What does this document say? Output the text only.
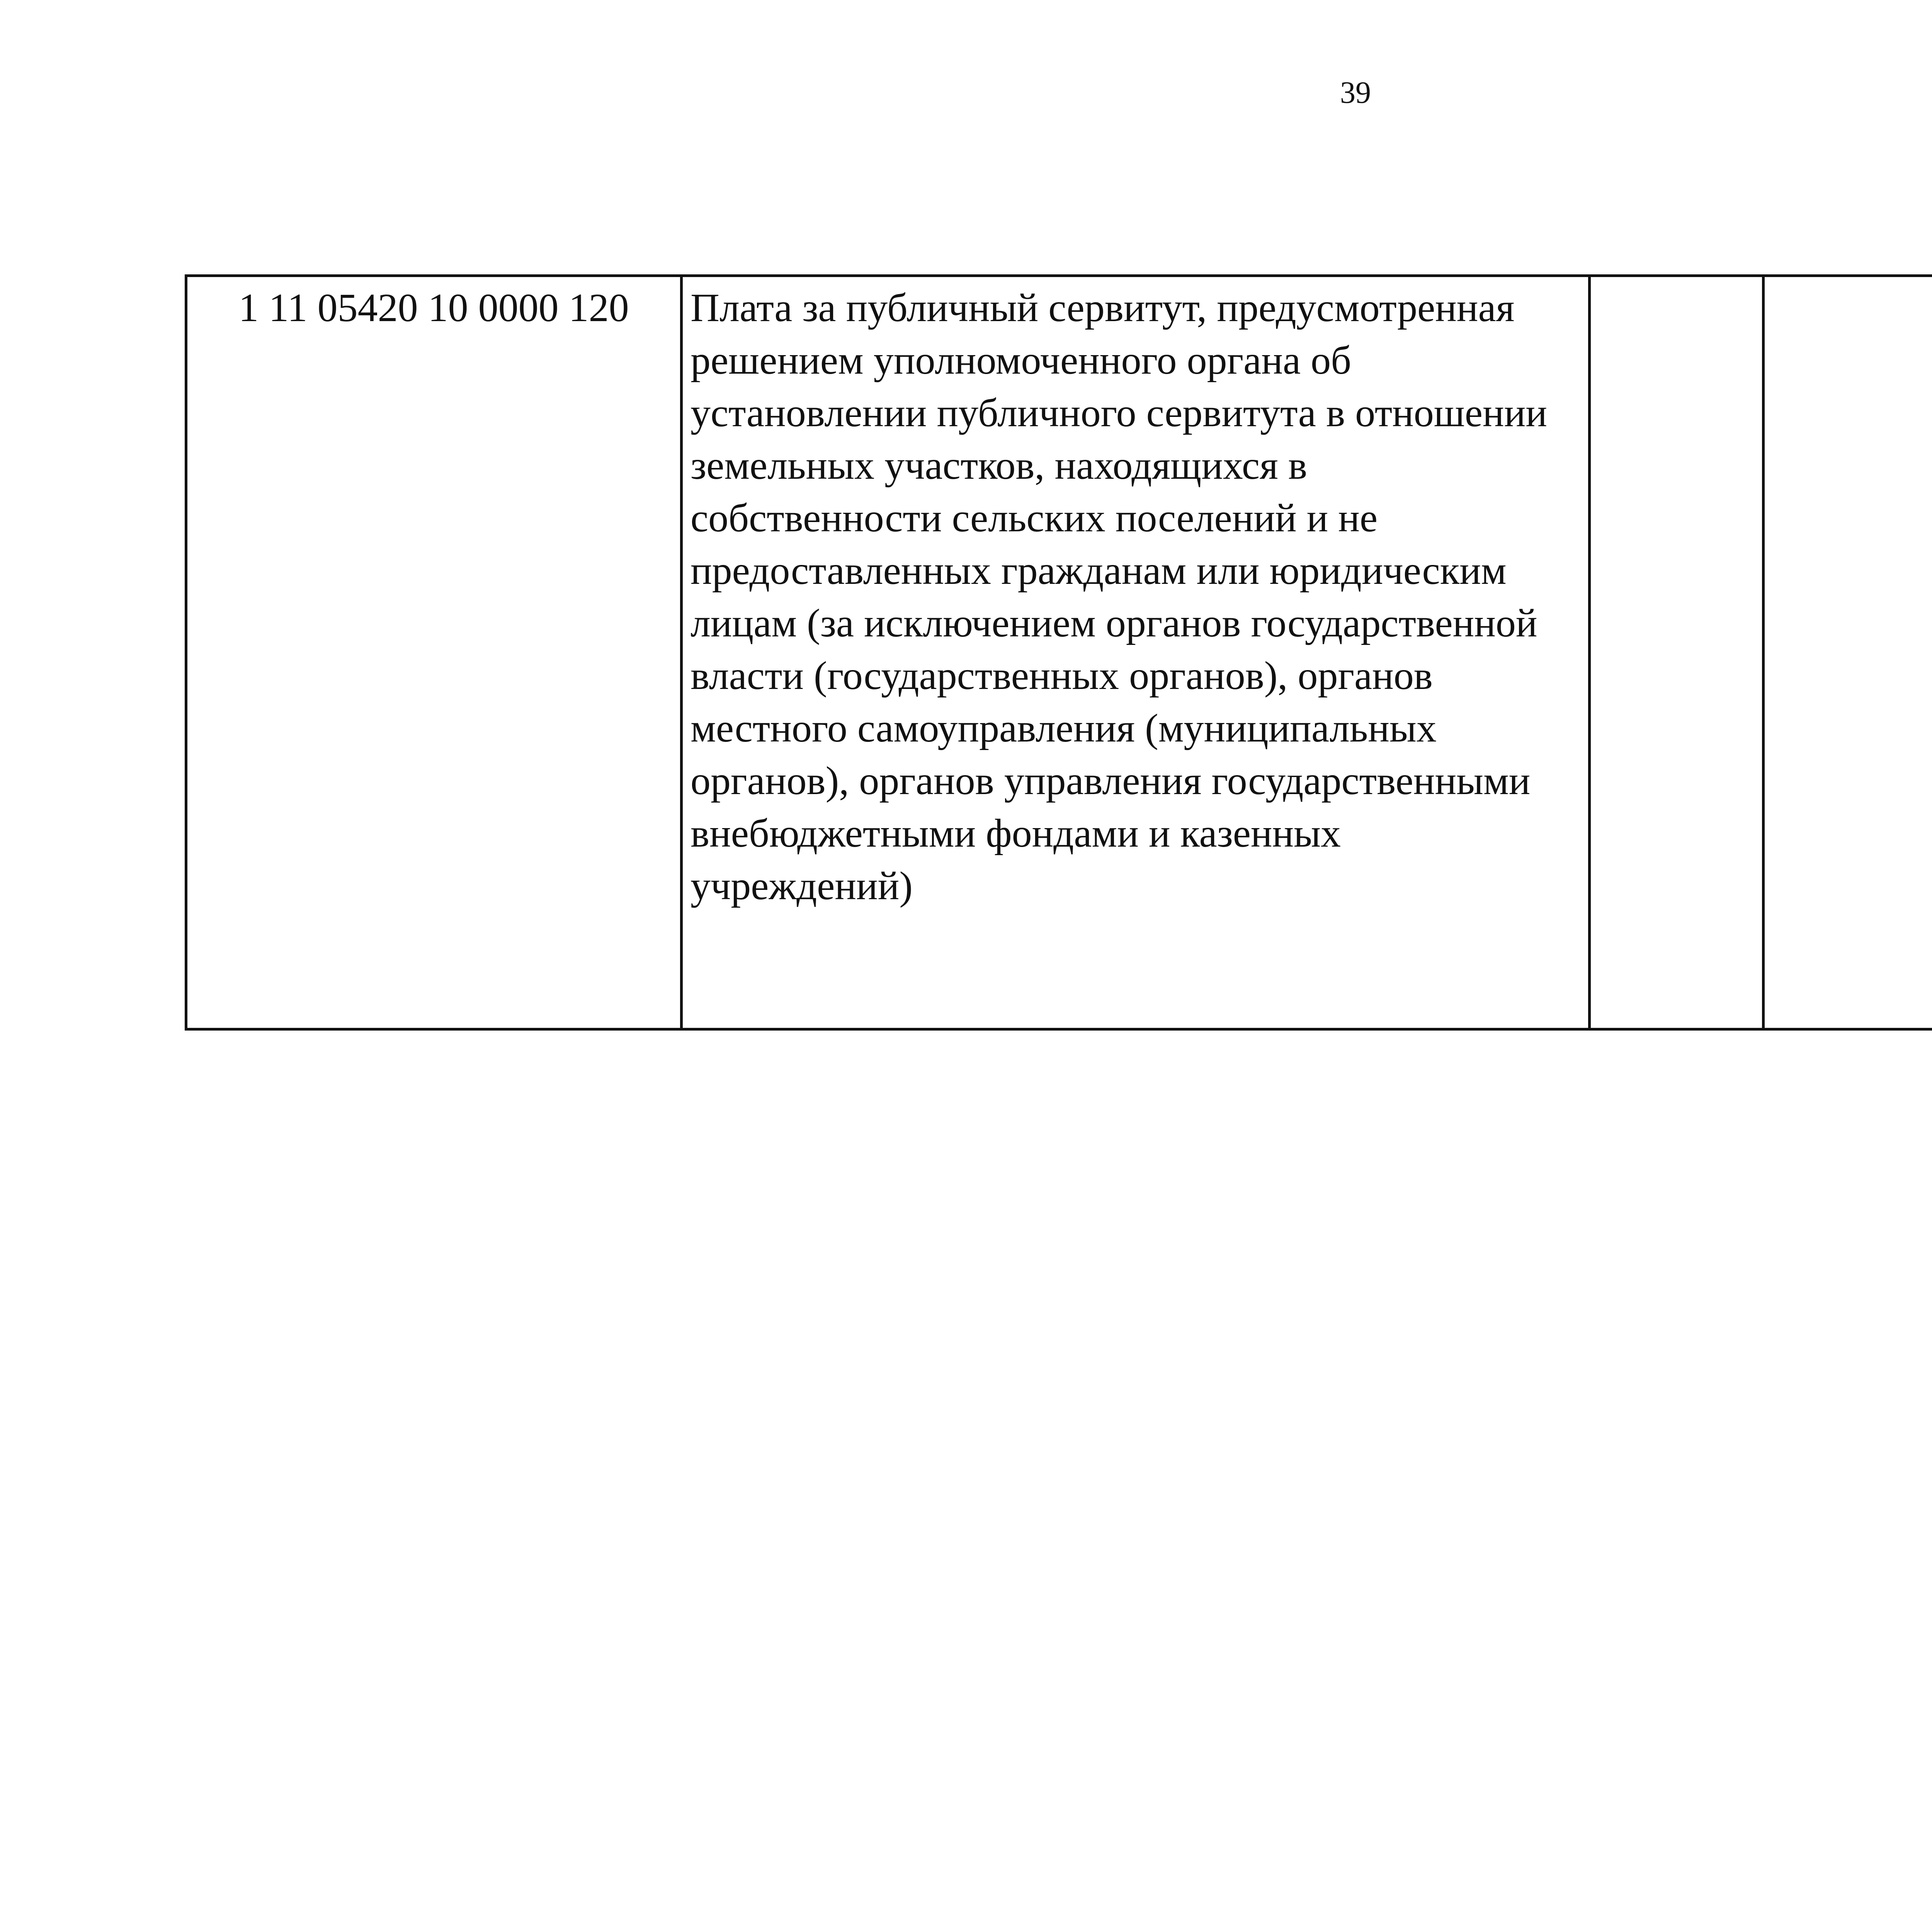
39
1 11 05420 10 0000 120	Плата за публичный сервитут, предусмотренная
решением уполномоченного органа об
установлении публичного сервитута в отношении
земельных участков, находящихся в
собственности сельских поселений и не
предоставленных гражданам или юридическим
лицам (за исключением органов государственной
власти (государственных органов), органов
местного самоуправления (муниципальных
органов), органов управления государственными
внебюджетными фондами и казенных
учреждений)					
